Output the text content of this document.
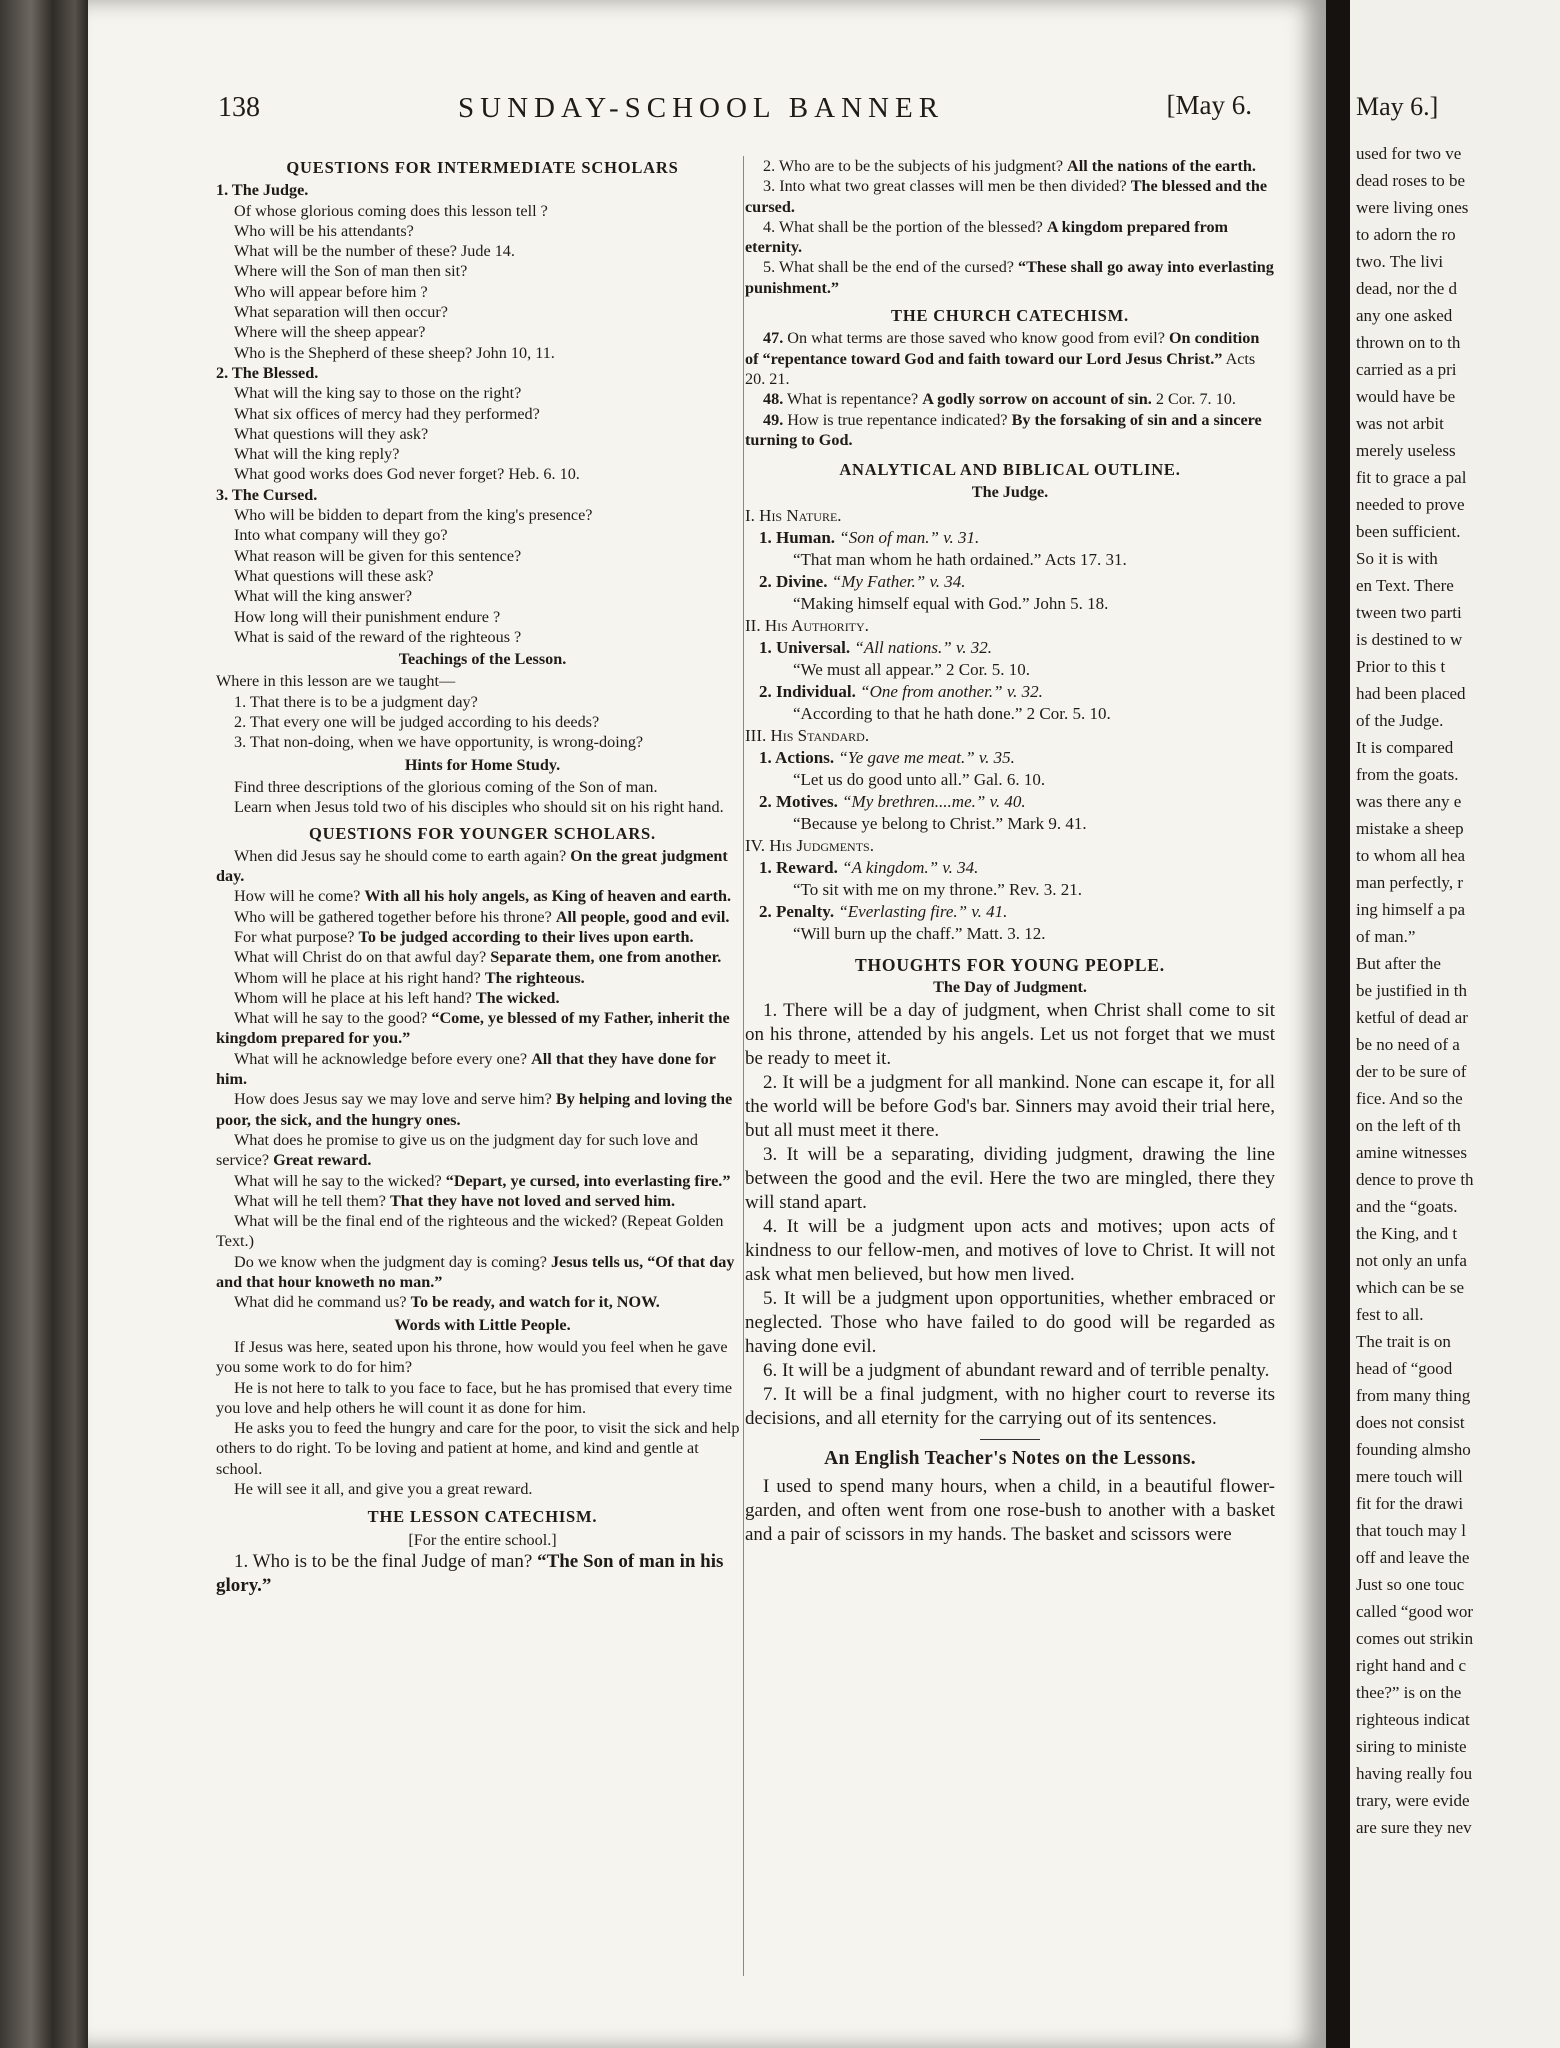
138	SUNDAY-SCHOOL BANNER	[May 6.

QUESTIONS FOR INTERMEDIATE SCHOLARS

1. The Judge.

Of whose glorious coming does this lesson tell ?

Who will be his attendants?

What will be the number of these? Jude 14.

Where will the Son of man then sit?

Who will appear before him ?

What separation will then occur?

Where will the sheep appear?

Who is the Shepherd of these sheep? John 10, 11.

2. The Blessed.

What will the king say to those on the right?

What six offices of mercy had they performed?

What questions will they ask?

What will the king reply?

What good works does God never forget? Heb. 6. 10.

3. The Cursed.

Who will be bidden to depart from the king's presence?

Into what company will they go?

What reason will be given for this sentence?

What questions will these ask?

What will the king answer?

How long will their punishment endure ?

What is said of the reward of the righteous ?

Teachings of the Lesson.

Where in this lesson are we taught—

1. That there is to be a judgment day?

2. That every one will be judged according to his deeds?

3. That non-doing, when we have opportunity, is wrong-doing?

Hints for Home Study.

Find three descriptions of the glorious coming of the Son of man.

Learn when Jesus told two of his disciples who should sit on his right hand.

QUESTIONS FOR YOUNGER SCHOLARS.

When did Jesus say he should come to earth again? On the great judgment day.

How will he come? With all his holy angels, as King of heaven and earth.

Who will be gathered together before his throne? All people, good and evil.

For what purpose? To be judged according to their lives upon earth.

What will Christ do on that awful day? Separate them, one from another.

Whom will he place at his right hand? The righteous.

Whom will he place at his left hand? The wicked.

What will he say to the good? “Come, ye blessed of my Father, inherit the kingdom prepared for you.”

What will he acknowledge before every one? All that they have done for him.

How does Jesus say we may love and serve him? By helping and loving the poor, the sick, and the hungry ones.

What does he promise to give us on the judgment day for such love and service? Great reward.

What will he say to the wicked? “Depart, ye cursed, into everlasting fire.”

What will he tell them? That they have not loved and served him.

What will be the final end of the righteous and the wicked? (Repeat Golden Text.)

Do we know when the judgment day is coming? Jesus tells us, “Of that day and that hour knoweth no man.”

What did he command us? To be ready, and watch for it, NOW.

Words with Little People.

If Jesus was here, seated upon his throne, how would you feel when he gave you some work to do for him?

He is not here to talk to you face to face, but he has promised that every time you love and help others he will count it as done for him.

He asks you to feed the hungry and care for the poor, to visit the sick and help others to do right. To be loving and patient at home, and kind and gentle at school.

He will see it all, and give you a great reward.

THE LESSON CATECHISM.

[For the entire school.]

1. Who is to be the final Judge of man? “The Son of man in his glory.”

2. Who are to be the subjects of his judgment? All the nations of the earth.

3. Into what two great classes will men be then divided? The blessed and the cursed.

4. What shall be the portion of the blessed? A kingdom prepared from eternity.

5. What shall be the end of the cursed? “These shall go away into everlasting punishment.”

THE CHURCH CATECHISM.

47. On what terms are those saved who know good from evil? On condition of “repentance toward God and faith toward our Lord Jesus Christ.” Acts 20. 21.

48. What is repentance? A godly sorrow on account of sin. 2 Cor. 7. 10.

49. How is true repentance indicated? By the forsaking of sin and a sincere turning to God.

ANALYTICAL AND BIBLICAL OUTLINE.

The Judge.

I. His Nature.

1. Human. “Son of man.” v. 31.

“That man whom he hath ordained.” Acts 17. 31.

2. Divine. “My Father.” v. 34.

“Making himself equal with God.” John 5. 18.

II. His Authority.

1. Universal. “All nations.” v. 32.

“We must all appear.” 2 Cor. 5. 10.

2. Individual. “One from another.” v. 32.

“According to that he hath done.” 2 Cor. 5. 10.

III. His Standard.

1. Actions. “Ye gave me meat.” v. 35.

“Let us do good unto all.” Gal. 6. 10.

2. Motives. “My brethren....me.” v. 40.

“Because ye belong to Christ.” Mark 9. 41.

IV. His Judgments.

1. Reward. “A kingdom.” v. 34.

“To sit with me on my throne.” Rev. 3. 21.

2. Penalty. “Everlasting fire.” v. 41.

“Will burn up the chaff.” Matt. 3. 12.

THOUGHTS FOR YOUNG PEOPLE.

The Day of Judgment.

1. There will be a day of judgment, when Christ shall come to sit on his throne, attended by his angels. Let us not forget that we must be ready to meet it.

2. It will be a judgment for all mankind. None can escape it, for all the world will be before God's bar. Sinners may avoid their trial here, but all must meet it there.

3. It will be a separating, dividing judgment, drawing the line between the good and the evil. Here the two are mingled, there they will stand apart.

4. It will be a judgment upon acts and motives; upon acts of kindness to our fellow-men, and motives of love to Christ. It will not ask what men believed, but how men lived.

5. It will be a judgment upon opportunities, whether embraced or neglected. Those who have failed to do good will be regarded as having done evil.

6. It will be a judgment of abundant reward and of terrible penalty.

7. It will be a final judgment, with no higher court to reverse its decisions, and all eternity for the carrying out of its sentences.

An English Teacher's Notes on the Lessons.

I used to spend many hours, when a child, in a beautiful flower-garden, and often went from one rose-bush to another with a basket and a pair of scissors in my hands. The basket and scissors were

May 6.]

used for two ve

dead roses to be

were living ones

to adorn the ro

two. The livi

dead, nor the d

any one asked

thrown on to th

carried as a pri

would have be

was not arbit

merely useless

fit to grace a pal

needed to prove

been sufficient.

So it is with

en Text. There

tween two parti

is destined to w

Prior to this t

had been placed

of the Judge.

It is compared

from the goats.

was there any e

mistake a sheep

to whom all hea

man perfectly, r

ing himself a pa

of man.”

But after the

be justified in th

ketful of dead ar

be no need of a

der to be sure of

fice. And so the

on the left of th

amine witnesses

dence to prove th

and the “goats.

the King, and t

not only an unfa

which can be se

fest to all.

The trait is on

head of “good

from many thing

does not consist

founding almsho

mere touch will

fit for the drawi

that touch may l

off and leave the

Just so one touc

called “good wor

comes out strikin

right hand and c

thee?” is on the

righteous indicat

siring to ministe

having really fou

trary, were evide

are sure they nev
